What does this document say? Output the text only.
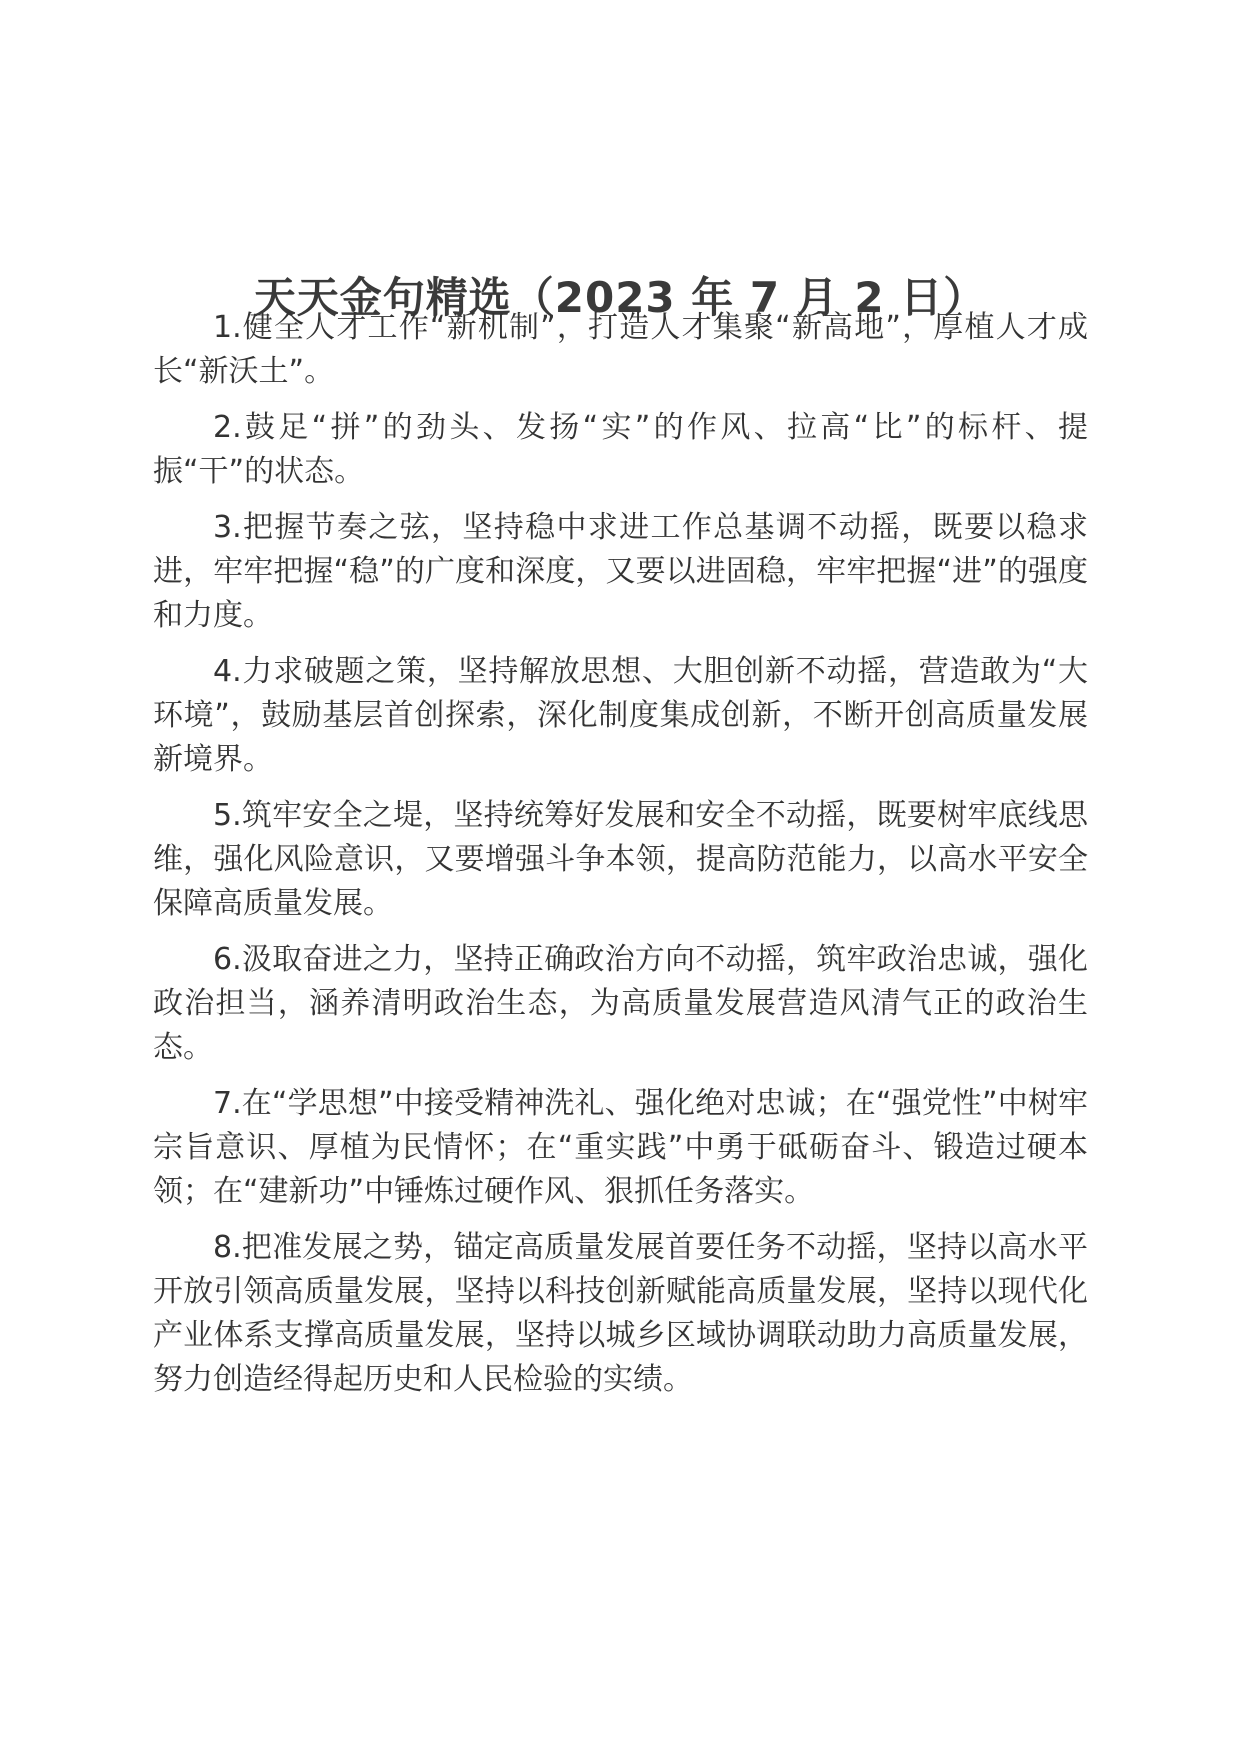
天天金句精选（2023 年 7 月 2 日）

1.健全人才工作“新机制”，打造人才集聚“新高地”，厚植人才成长“新沃土”。

2.鼓足“拼”的劲头、发扬“实”的作风、拉高“比”的标杆、提振“干”的状态。

3.把握节奏之弦，坚持稳中求进工作总基调不动摇，既要以稳求进，牢牢把握“稳”的广度和深度，又要以进固稳，牢牢把握“进”的强度和力度。

4.力求破题之策，坚持解放思想、大胆创新不动摇，营造敢为“大环境”，鼓励基层首创探索，深化制度集成创新，不断开创高质量发展新境界。

5.筑牢安全之堤，坚持统筹好发展和安全不动摇，既要树牢底线思维，强化风险意识，又要增强斗争本领，提高防范能力，以高水平安全保障高质量发展。

6.汲取奋进之力，坚持正确政治方向不动摇，筑牢政治忠诚，强化政治担当，涵养清明政治生态，为高质量发展营造风清气正的政治生态。

7.在“学思想”中接受精神洗礼、强化绝对忠诚；在“强党性”中树牢宗旨意识、厚植为民情怀；在“重实践”中勇于砥砺奋斗、锻造过硬本领；在“建新功”中锤炼过硬作风、狠抓任务落实。

8.把准发展之势，锚定高质量发展首要任务不动摇，坚持以高水平开放引领高质量发展，坚持以科技创新赋能高质量发展，坚持以现代化产业体系支撑高质量发展，坚持以城乡区域协调联动助力高质量发展，努力创造经得起历史和人民检验的实绩。
